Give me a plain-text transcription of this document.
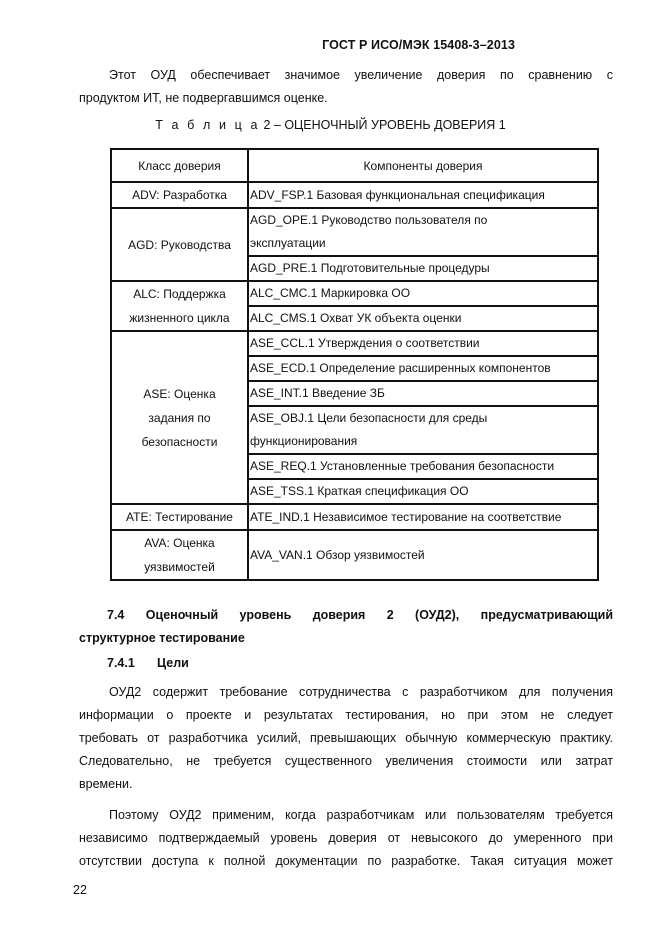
ГОСТ Р ИСО/МЭК 15408-3–2013
Этот ОУД обеспечивает значимое увеличение доверия по сравнению с
продуктом ИТ, не подвергавшимся оценке.
Т а б л и ц а 2 – ОЦЕНОЧНЫЙ УРОВЕНЬ ДОВЕРИЯ 1
Класс доверия	Компоненты доверия

ADV: Разработка	ADV_FSP.1 Базовая функциональная спецификация

AGD: Руководства	AGD_OPE.1 Руководство пользователя по
эксплуатации

	AGD_PRE.1 Подготовительные процедуры

ALC: Поддержка
жизненного цикла	ALC_CMC.1 Маркировка ОО

	ALC_CMS.1 Охват УК объекта оценки

ASE: Оценка
задания по
безопасности	ASE_CCL.1 Утверждения о соответствии

	ASE_ECD.1 Определение расширенных компонентов

	ASE_INT.1 Введение ЗБ

	ASE_OBJ.1 Цели безопасности для среды
функционирования

	ASE_REQ.1 Установленные требования безопасности

	ASE_TSS.1 Краткая спецификация ОО

ATE: Тестирование	ATE_IND.1 Независимое тестирование на соответствие

AVA: Оценка
уязвимостей	AVA_VAN.1 Обзор уязвимостей
7.4 Оценочный уровень доверия 2 (ОУД2), предусматривающий
структурное тестирование
7.4.1 Цели
ОУД2 содержит требование сотрудничества с разработчиком для получения
информации о проекте и результатах тестирования, но при этом не следует
требовать от разработчика усилий, превышающих обычную коммерческую практику.
Следовательно, не требуется существенного увеличения стоимости или затрат
времени.
Поэтому ОУД2 применим, когда разработчикам или пользователям требуется
независимо подтверждаемый уровень доверия от невысокого до умеренного при
отсутствии доступа к полной документации по разработке. Такая ситуация может
22
